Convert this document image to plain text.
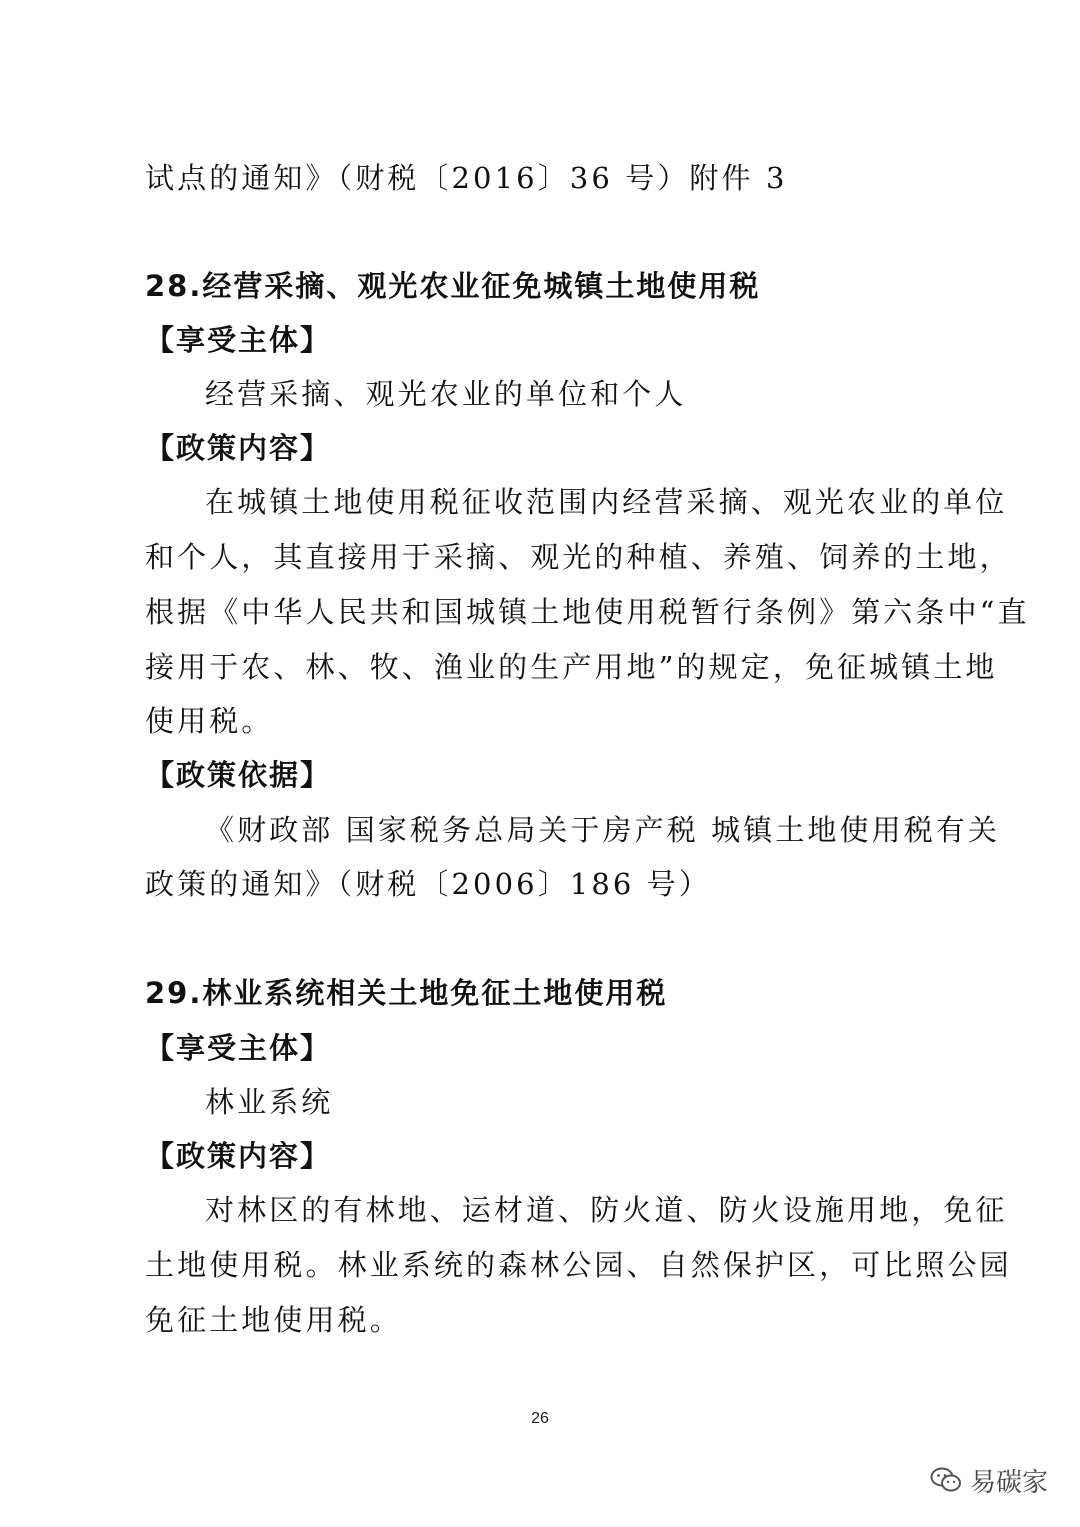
试点的通知》（财税〔2016〕36 号）附件 3

28.经营采摘、观光农业征免城镇土地使用税

【享受主体】

经营采摘、观光农业的单位和个人

【政策内容】

在城镇土地使用税征收范围内经营采摘、观光农业的单位

和个人，其直接用于采摘、观光的种植、养殖、饲养的土地，

根据《中华人民共和国城镇土地使用税暂行条例》第六条中“直

接用于农、林、牧、渔业的生产用地”的规定，免征城镇土地

使用税。

【政策依据】

《财政部 国家税务总局关于房产税 城镇土地使用税有关

政策的通知》（财税〔2006〕186 号）

29.林业系统相关土地免征土地使用税

【享受主体】

林业系统

【政策内容】

对林区的有林地、运材道、防火道、防火设施用地，免征

土地使用税。林业系统的森林公园、自然保护区，可比照公园

免征土地使用税。

26
易碳家
